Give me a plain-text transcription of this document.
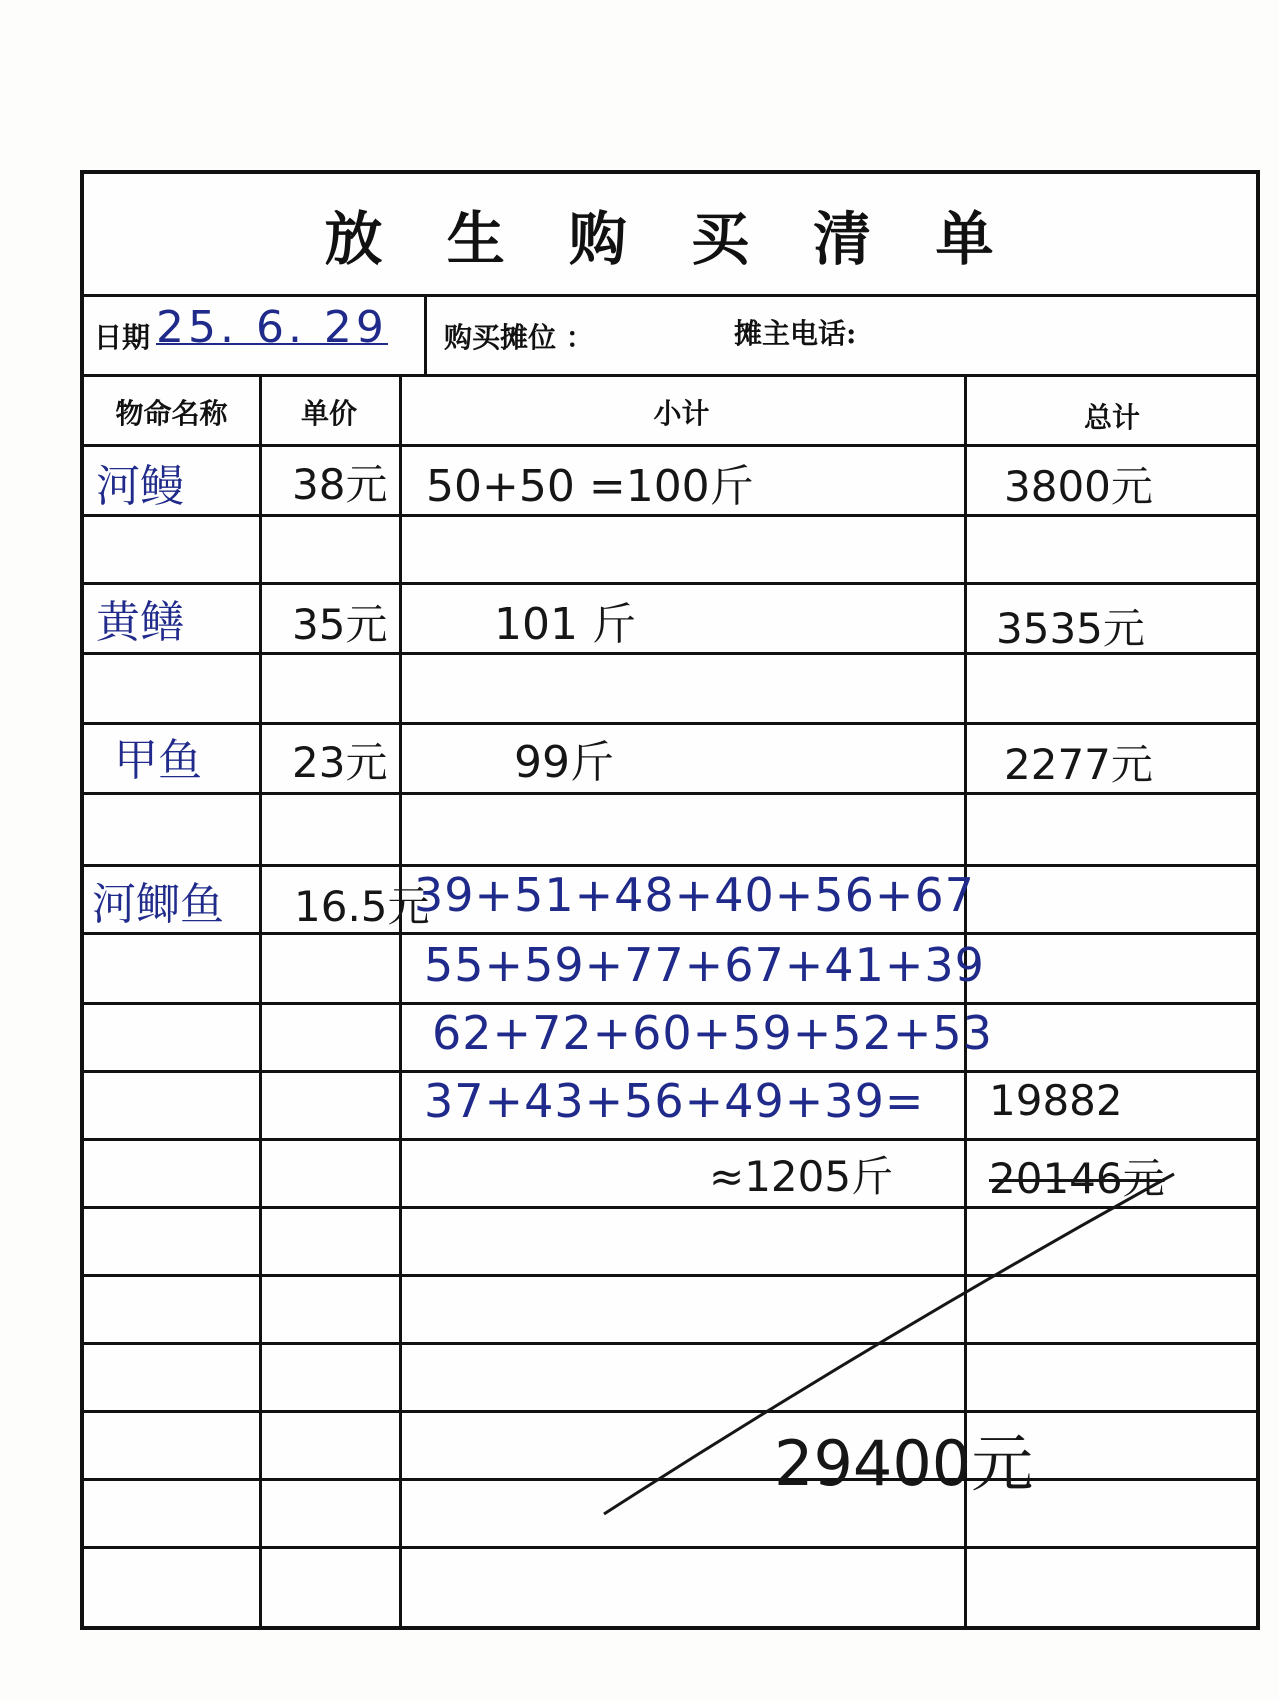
放 生 购 买 清 单
日期 25. 6. 29 购买摊位 ：	摊主电话:
物命名称	单价	小计	总计
河鳗	38元 50+50 =100斤	3800元
黄鳝	35元 101 斤	3535元
甲鱼 23元	99斤	2277元
河鲫鱼 16.5元
39+51+48+40+56+67
55+59+77+67+41+39
62+72+60+59+52+53
37+43+56+49+39= 19882
≈1205斤 20146元
29400元
